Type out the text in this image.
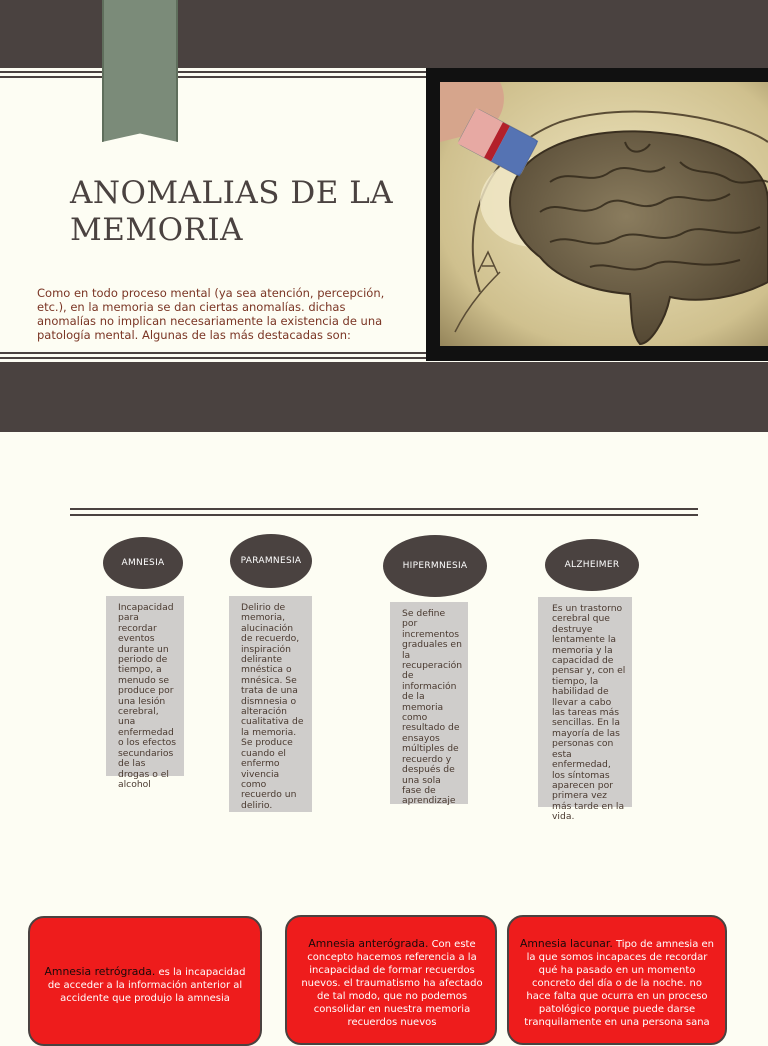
ANOMALIAS DE LA MEMORIA

Como en todo proceso mental (ya sea atención, percepción, etc.), en la memoria se dan ciertas anomalías. dichas anomalías no implican necesariamente la existencia de una patología mental. Algunas de las más destacadas son:

AMNESIA	PARAMNESIA	HIPERMNESIA	ALZHEIMER
Incapacidad para recordar eventos durante un periodo de tiempo, a menudo se produce por una lesión cerebral, una enfermedad o los efectos secundarios de las drogas o el alcohol
Delirio de memoria, alucinación de recuerdo, inspiración delirante mnéstica o mnésica. Se trata de una dismnesia o alteración cualitativa de la memoria. Se produce cuando el enfermo vivencia como recuerdo un delirio.
Se define por incrementos graduales en la recuperación de información de la memoria como resultado de ensayos múltiples de recuerdo y después de una sola fase de aprendizaje
Es un trastorno cerebral que destruye lentamente la memoria y la capacidad de pensar y, con el tiempo, la habilidad de llevar a cabo las tareas más sencillas. En la mayoría de las personas con esta enfermedad, los síntomas aparecen por primera vez más tarde en la vida.
Amnesia retrógrada. es la incapacidad de acceder a la información anterior al accidente que produjo la amnesia
Amnesia anterógrada. Con este concepto hacemos referencia a la incapacidad de formar recuerdos nuevos. el traumatismo ha afectado de tal modo, que no podemos consolidar en nuestra memoria recuerdos nuevos
Amnesia lacunar. Tipo de amnesia en la que somos incapaces de recordar qué ha pasado en un momento concreto del día o de la noche. no hace falta que ocurra en un proceso patológico porque puede darse tranquilamente en una persona sana
